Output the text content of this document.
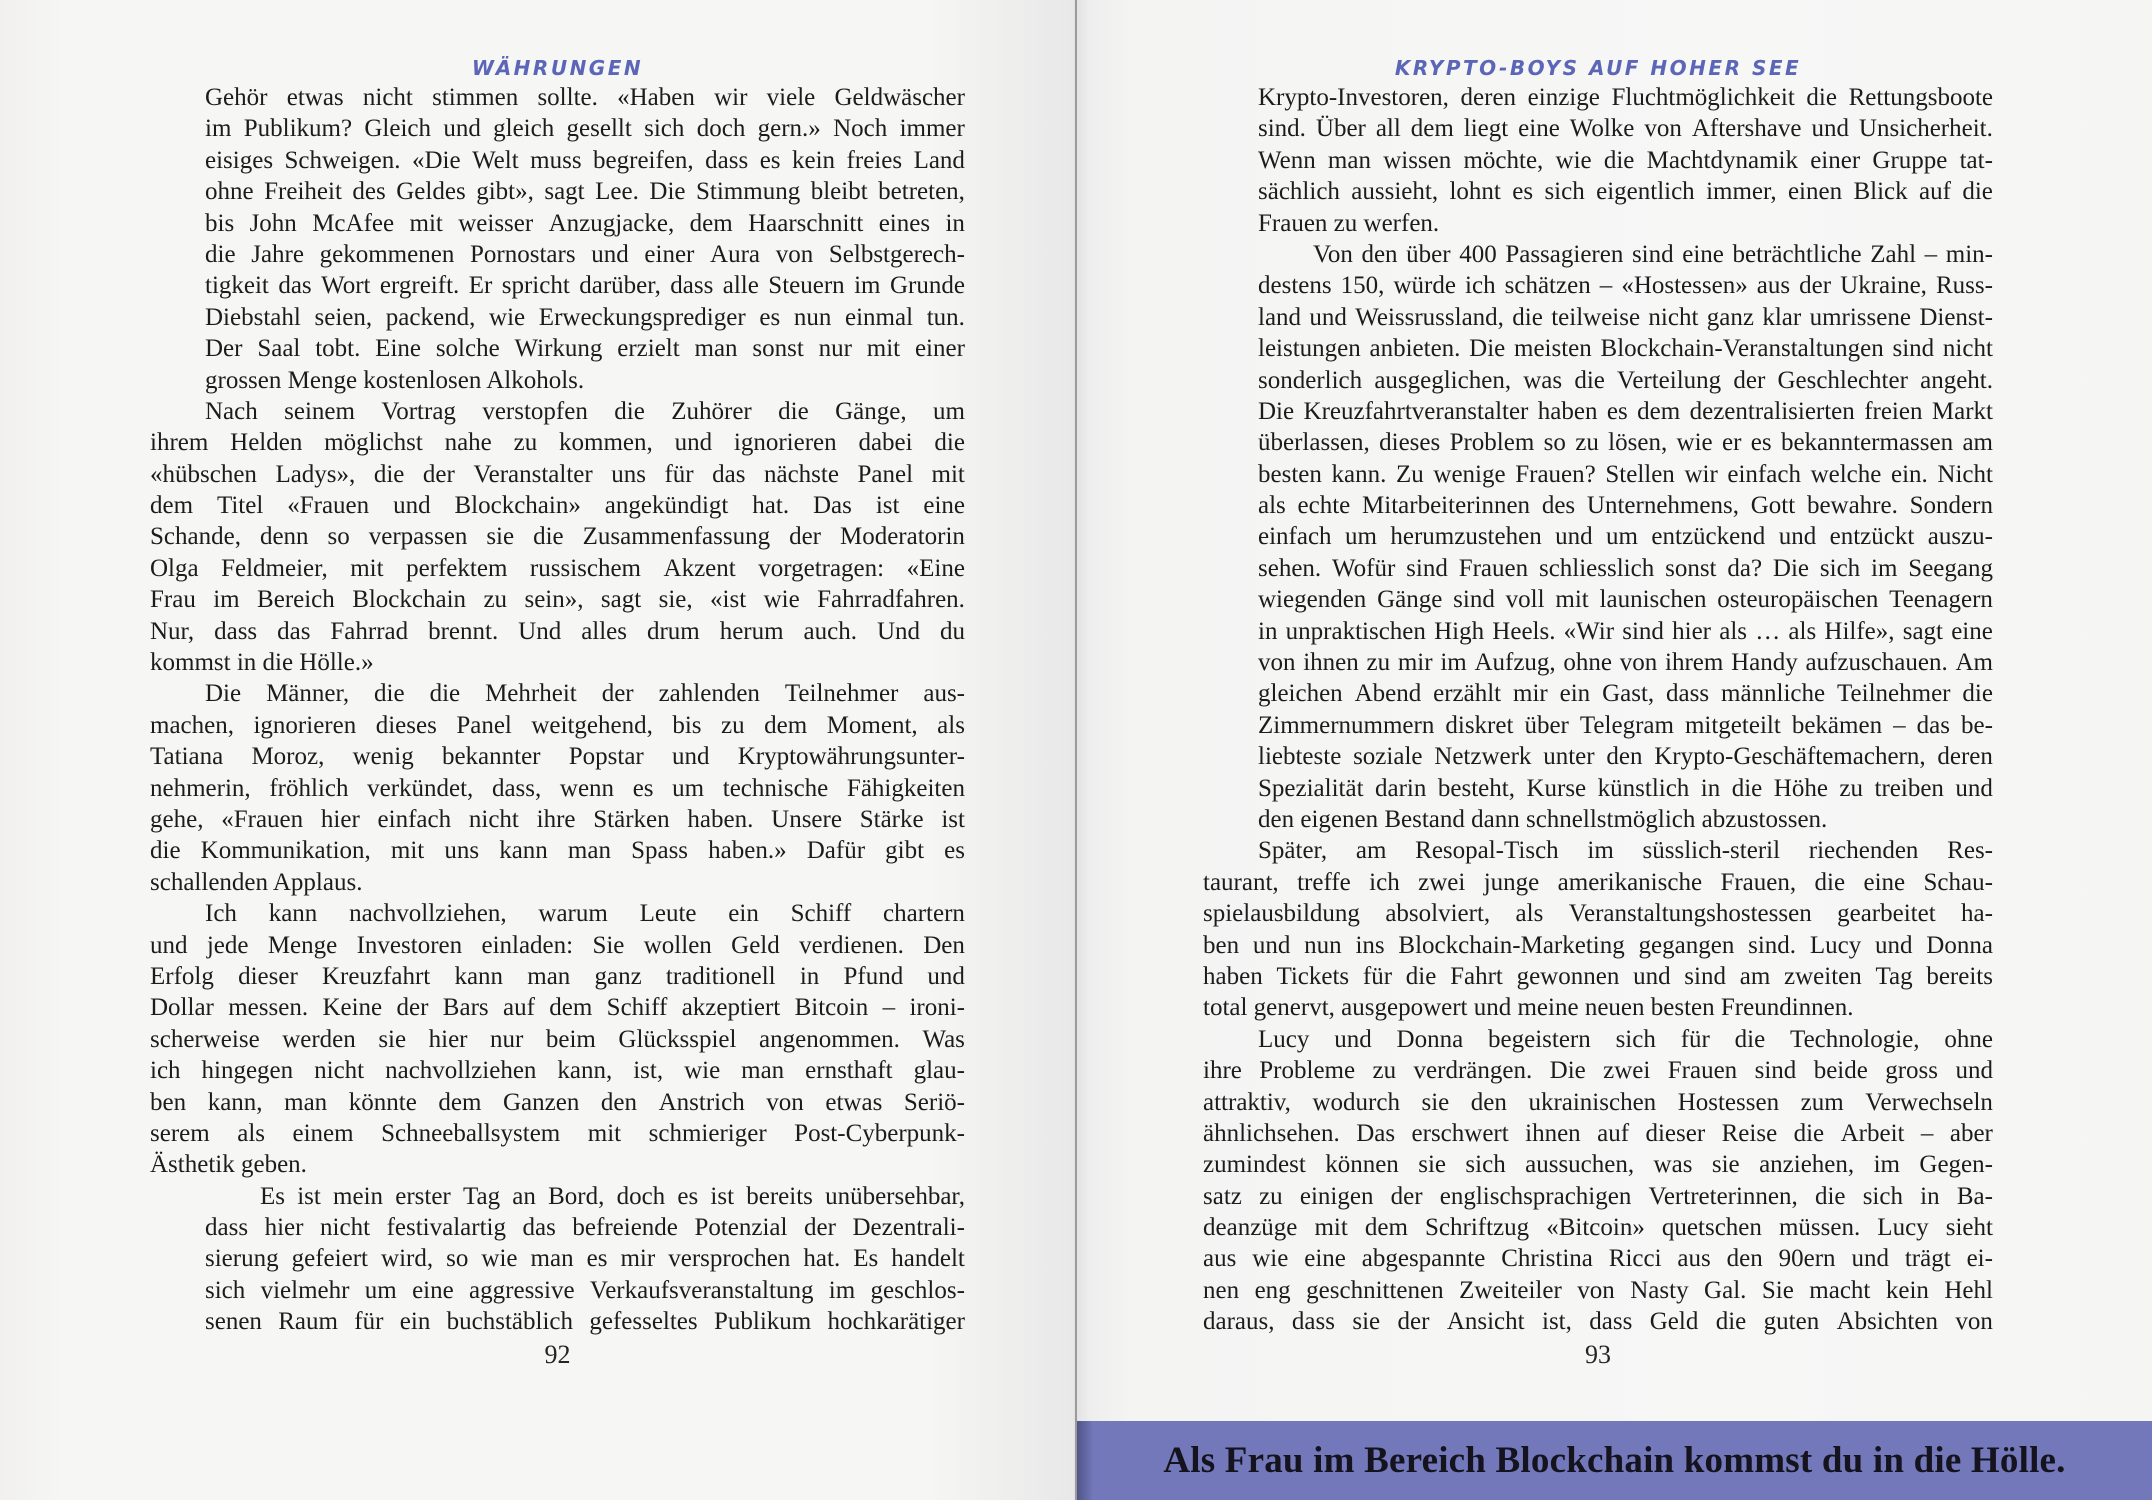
WÄHRUNGEN
Gehör etwas nicht stimmen sollte. «Haben wir viele Geldwäscher
im Publikum? Gleich und gleich gesellt sich doch gern.» Noch immer
eisiges Schweigen. «Die Welt muss begreifen, dass es kein freies Land
ohne Freiheit des Geldes gibt», sagt Lee. Die Stimmung bleibt betreten,
bis John McAfee mit weisser Anzugjacke, dem Haarschnitt eines in
die Jahre gekommenen Pornostars und einer Aura von Selbstgerech-
tigkeit das Wort ergreift. Er spricht darüber, dass alle Steuern im Grunde
Diebstahl seien, packend, wie Erweckungsprediger es nun einmal tun.
Der Saal tobt. Eine solche Wirkung erzielt man sonst nur mit einer
grossen Menge kostenlosen Alkohols.
Nach seinem Vortrag verstopfen die Zuhörer die Gänge, um
ihrem Helden möglichst nahe zu kommen, und ignorieren dabei die
«hübschen Ladys», die der Veranstalter uns für das nächste Panel mit
dem Titel «Frauen und Blockchain» angekündigt hat. Das ist eine
Schande, denn so verpassen sie die Zusammenfassung der Moderatorin
Olga Feldmeier, mit perfektem russischem Akzent vorgetragen: «Eine
Frau im Bereich Blockchain zu sein», sagt sie, «ist wie Fahrradfahren.
Nur, dass das Fahrrad brennt. Und alles drum herum auch. Und du
kommst in die Hölle.»
Die Männer, die die Mehrheit der zahlenden Teilnehmer aus-
machen, ignorieren dieses Panel weitgehend, bis zu dem Moment, als
Tatiana Moroz, wenig bekannter Popstar und Kryptowährungsunter-
nehmerin, fröhlich verkündet, dass, wenn es um technische Fähigkeiten
gehe, «Frauen hier einfach nicht ihre Stärken haben. Unsere Stärke ist
die Kommunikation, mit uns kann man Spass haben.» Dafür gibt es
schallenden Applaus.
Ich kann nachvollziehen, warum Leute ein Schiff chartern
und jede Menge Investoren einladen: Sie wollen Geld verdienen. Den
Erfolg dieser Kreuzfahrt kann man ganz traditionell in Pfund und
Dollar messen. Keine der Bars auf dem Schiff akzeptiert Bitcoin – ironi-
scherweise werden sie hier nur beim Glücksspiel angenommen. Was
ich hingegen nicht nachvollziehen kann, ist, wie man ernsthaft glau-
ben kann, man könnte dem Ganzen den Anstrich von etwas Seriö-
serem als einem Schneeballsystem mit schmieriger Post-Cyberpunk-
Ästhetik geben.
Es ist mein erster Tag an Bord, doch es ist bereits unübersehbar,
dass hier nicht festivalartig das befreiende Potenzial der Dezentrali-
sierung gefeiert wird, so wie man es mir versprochen hat. Es handelt
sich vielmehr um eine aggressive Verkaufsveranstaltung im geschlos-
senen Raum für ein buchstäblich gefesseltes Publikum hochkarätiger
92
KRYPTO-BOYS AUF HOHER SEE
Krypto-Investoren, deren einzige Fluchtmöglichkeit die Rettungsboote
sind. Über all dem liegt eine Wolke von Aftershave und Unsicherheit.
Wenn man wissen möchte, wie die Machtdynamik einer Gruppe tat-
sächlich aussieht, lohnt es sich eigentlich immer, einen Blick auf die
Frauen zu werfen.
Von den über 400 Passagieren sind eine beträchtliche Zahl – min-
destens 150, würde ich schätzen – «Hostessen» aus der Ukraine, Russ-
land und Weissrussland, die teilweise nicht ganz klar umrissene Dienst-
leistungen anbieten. Die meisten Blockchain-Veranstaltungen sind nicht
sonderlich ausgeglichen, was die Verteilung der Geschlechter angeht.
Die Kreuzfahrtveranstalter haben es dem dezentralisierten freien Markt
überlassen, dieses Problem so zu lösen, wie er es bekanntermassen am
besten kann. Zu wenige Frauen? Stellen wir einfach welche ein. Nicht
als echte Mitarbeiterinnen des Unternehmens, Gott bewahre. Sondern
einfach um herumzustehen und um entzückend und entzückt auszu-
sehen. Wofür sind Frauen schliesslich sonst da? Die sich im Seegang
wiegenden Gänge sind voll mit launischen osteuropäischen Teenagern
in unpraktischen High Heels. «Wir sind hier als … als Hilfe», sagt eine
von ihnen zu mir im Aufzug, ohne von ihrem Handy aufzuschauen. Am
gleichen Abend erzählt mir ein Gast, dass männliche Teilnehmer die
Zimmernummern diskret über Telegram mitgeteilt bekämen – das be-
liebteste soziale Netzwerk unter den Krypto-Geschäftemachern, deren
Spezialität darin besteht, Kurse künstlich in die Höhe zu treiben und
den eigenen Bestand dann schnellstmöglich abzustossen.
Später, am Resopal-Tisch im süsslich-steril riechenden Res-
taurant, treffe ich zwei junge amerikanische Frauen, die eine Schau-
spielausbildung absolviert, als Veranstaltungshostessen gearbeitet ha-
ben und nun ins Blockchain-Marketing gegangen sind. Lucy und Donna
haben Tickets für die Fahrt gewonnen und sind am zweiten Tag bereits
total genervt, ausgepowert und meine neuen besten Freundinnen.
Lucy und Donna begeistern sich für die Technologie, ohne
ihre Probleme zu verdrängen. Die zwei Frauen sind beide gross und
attraktiv, wodurch sie den ukrainischen Hostessen zum Verwechseln
ähnlichsehen. Das erschwert ihnen auf dieser Reise die Arbeit – aber
zumindest können sie sich aussuchen, was sie anziehen, im Gegen-
satz zu einigen der englischsprachigen Vertreterinnen, die sich in Ba-
deanzüge mit dem Schriftzug «Bitcoin» quetschen müssen. Lucy sieht
aus wie eine abgespannte Christina Ricci aus den 90ern und trägt ei-
nen eng geschnittenen Zweiteiler von Nasty Gal. Sie macht kein Hehl
daraus, dass sie der Ansicht ist, dass Geld die guten Absichten von
93
Als Frau im Bereich Blockchain kommst du in die Hölle.
